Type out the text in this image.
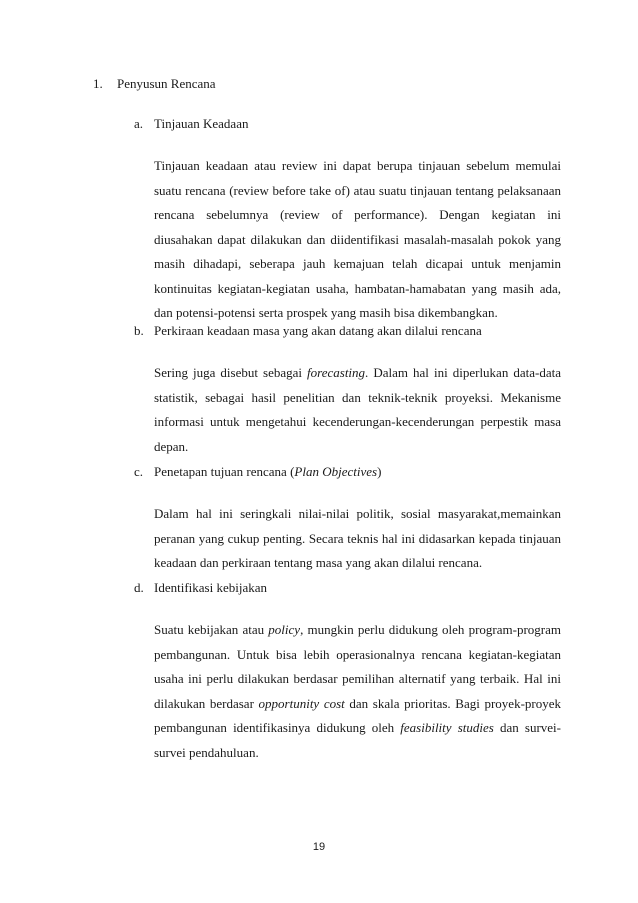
1. Penyusun Rencana
a. Tinjauan Keadaan

Tinjauan keadaan atau review ini dapat berupa tinjauan sebelum memulai suatu rencana (review before take of) atau suatu tinjauan tentang pelaksanaan rencana sebelumnya (review of performance). Dengan kegiatan ini diusahakan dapat dilakukan dan diidentifikasi masalah-masalah pokok yang masih dihadapi, seberapa jauh kemajuan telah dicapai untuk menjamin kontinuitas kegiatan-kegiatan usaha, hambatan-hamabatan yang masih ada, dan potensi-potensi serta prospek yang masih bisa dikembangkan.

b. Perkiraan keadaan masa yang akan datang akan dilalui rencana

Sering juga disebut sebagai forecasting. Dalam hal ini diperlukan data-data statistik, sebagai hasil penelitian dan teknik-teknik proyeksi. Mekanisme informasi untuk mengetahui kecenderungan-kecenderungan perpestik masa depan.

c. Penetapan tujuan rencana (Plan Objectives)

Dalam hal ini seringkali nilai-nilai politik, sosial masyarakat,memainkan peranan yang cukup penting. Secara teknis hal ini didasarkan kepada tinjauan keadaan dan perkiraan tentang masa yang akan dilalui rencana.

d. Identifikasi kebijakan

Suatu kebijakan atau policy, mungkin perlu didukung oleh program-program pembangunan. Untuk bisa lebih operasionalnya rencana kegiatan-kegiatan usaha ini perlu dilakukan berdasar pemilihan alternatif yang terbaik. Hal ini dilakukan berdasar opportunity cost dan skala prioritas. Bagi proyek-proyek pembangunan identifikasinya didukung oleh feasibility studies dan survei-survei pendahuluan.

19
